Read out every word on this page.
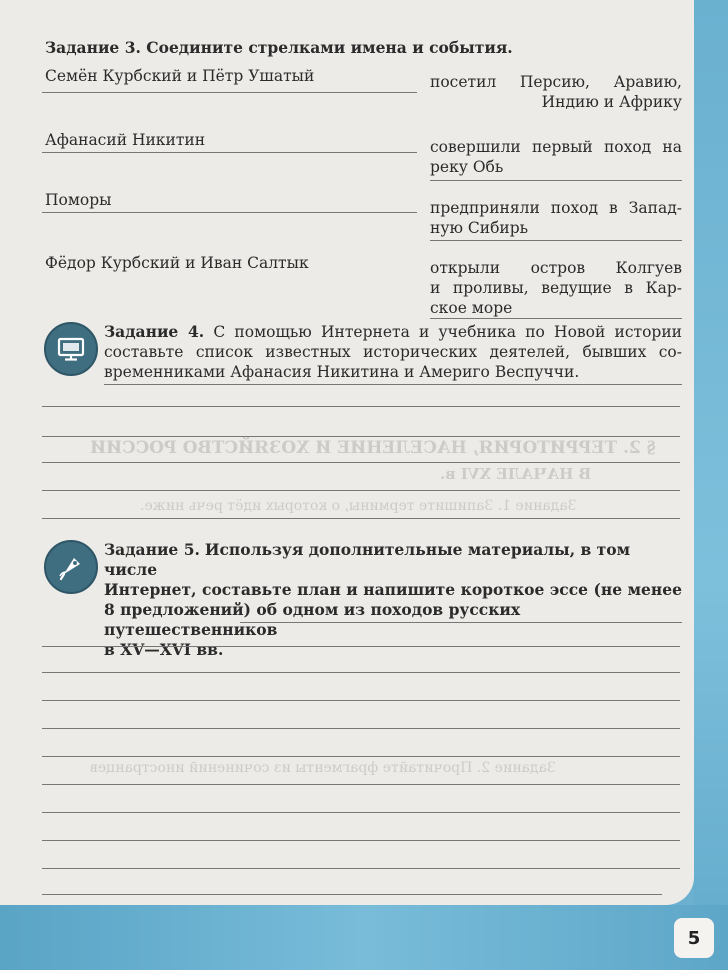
§ 2. ТЕРРИТОРИЯ, НАСЕЛЕНИЕ И ХОЗЯЙСТВО РОССИИ
В НАЧАЛЕ XVI в.
Задание 1. Запишите термины, о которых идёт речь ниже.
Задание 2. Прочитайте фрагменты из сочинений иностранцев
Задание 3. Соедините стрелками имена и события.
Семён Курбский и Пётр Ушатый
Афанасий Никитин
Поморы
Фёдор Курбский и Иван Салтык
посетил Персию, Аравию,
Индию и Африку
совершили первый поход на
реку Обь
предприняли поход в Запад-
ную Сибирь
открыли остров Колгуев
и проливы, ведущие в Кар-
ское море
Задание 4. С помощью Интернета и учебника по Новой истории
составьте список известных исторических деятелей, бывших со-
временниками Афанасия Никитина и Америго Веспуччи.
Задание 5. Используя дополнительные материалы, в том числе
Интернет, составьте план и напишите короткое эссе (не менее
8 предложений) об одном из походов русских путешественников
в XV—XVI вв.
5
